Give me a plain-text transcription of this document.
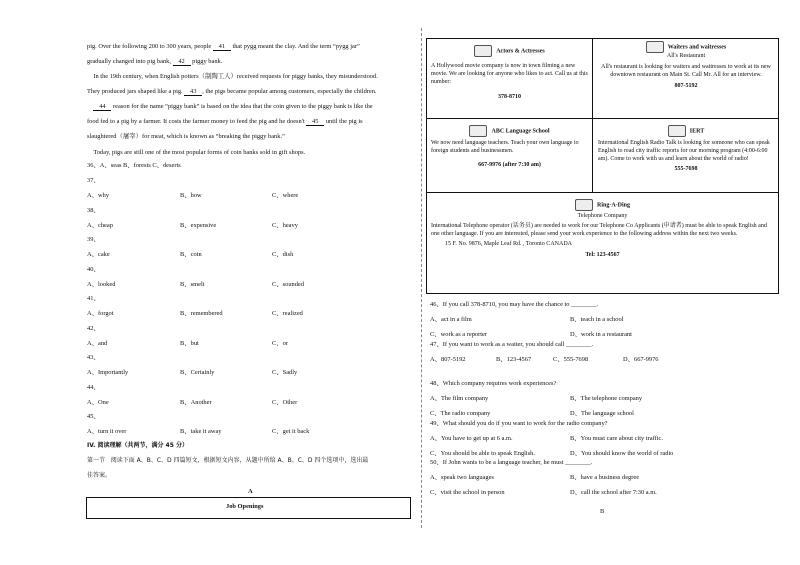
pig. Over the following 200 to 300 years, people 41 that pygg meant the clay. And the term “pygg jar”
gradually changed into pig bank, 42 piggy bank.
In the 19th century, when English potters（制陶工人）received requests for piggy banks, they misunderstood.
They produced jars shaped like a pig. 43 , the pigs became popular among customers, especially the children.
44 reason for the name “piggy bank” is based on the idea that the coin given to the piggy bank is like the
food fed to a pig by a farmer. It costs the farmer money to feed the pig and he doesn't 45 until the pig is
slaughtered（屠宰）for meat, which is known as “breaking the piggy bank.”
Today, pigs are still one of the most popular forms of coin banks sold in gift shops.
36、A、seas B、forests C、deserts
37、
A、why	B、how	C、where
38、
A、cheap	B、expensive	C、heavy
39、
A、cake	B、coin	C、dish
40、
A、looked	B、smelt	C、sounded
41、
A、forgot	B、remembered	C、realized
42、
A、and	B、but	C、or
43、
A、Importantly	B、Certainly	C、Sadly
44、
A、One	B、Another	C、Other
45、
A、turn it over	B、take it away	C、get it back
IV. 阅读理解（共两节，满分 45 分）
第一节   阅读下面 A、B、C、D 四篇短文，根据短文内容，从题中所给 A、B、C、D 四个选项中，选出最
佳答案。
A
Job Openings
Actors & Actresses
A Hollywood movie company is now in town filming a new movie. We are looking for anyone who likes to act. Call us at this number:
378-8710
Waiters and waitresses
All's Restaurant
All's restaurant is looking for waiters and waitresses to work at its new downtown restaurant on Main St. Call Mr. All for an interview.
807-5192
ABC Language School
We now need language teachers. Teach your own language to foreign students and businessmen.
667-9976 (after 7:30 am)
IERT
International English Radio Talk is looking for someone who can speak English to read city traffic reports for our morning program (4:00-6:00 am). Come to work with us and learn about the world of radio!
555-7698
Ring-A-Ding
Telephone Company
International Telephone operator (话务员) are needed to work for our Telephone Co Applicants (申请者) must be able to speak English and one other language. If you are interested, please send your work experience to the following address within the next two weeks.
15 F. No. 9876, Maple Leaf Rd. , Toronto CANADA
Tel: 123-4567
46、If you call 378-8710, you may have the chance to ________.
A、act in a film	B、teach in a school
C、work as a reporter	D、work in a restaurant
47、If you want to work as a waiter, you should call ________.
A、807-5192	B、123-4567	C、555-7698	D、667-9976
48、Which company requires work experiences?
A、The film company	B、The telephone company
C、The radio company	D、The language school
49、What should you do if you want to work for the radio company?
A、You have to get up at 6 a.m.	B、You must care about city traffic.
C、You should be able to speak English.	D、You should know the world of radio
50、If John wants to be a language teacher, he must ________.
A、speak two languages	B、have a business degree
C、visit the school in person	D、call the school after 7:30 a.m.
B
